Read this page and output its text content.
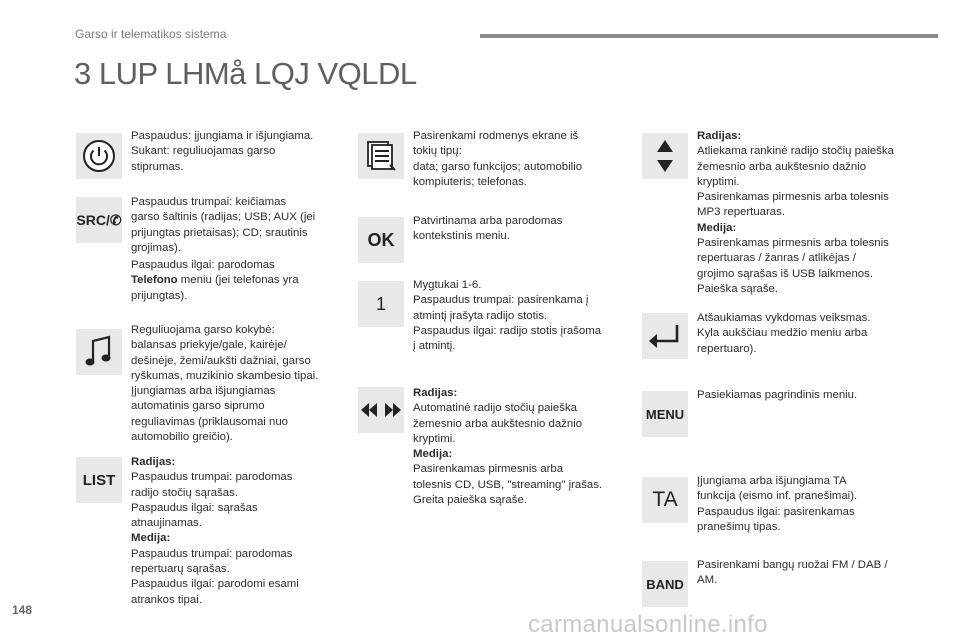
Garso ir telematikos sistema
3 LUP LHMå LQJ VQLDL
Paspaudus: įjungiama ir išjungiama.
Sukant: reguliuojamas garso
stiprumas.
SRC/✆
Paspaudus trumpai: keičiamas
garso šaltinis (radijas; USB; AUX (jei
prijungtas prietaisas); CD; srautinis
grojimas).
Paspaudus ilgai: parodomas
Telefono meniu (jei telefonas yra
prijungtas).
Reguliuojama garso kokybė:
balansas priekyje/gale, kairėje/
dešinėje, žemi/aukšti dažniai, garso
ryškumas, muzikinio skambesio tipai.
Įjungiamas arba išjungiamas
automatinis garso siprumo
reguliavimas (priklausomai nuo
automobilio greičio).
LIST
Radijas:
Paspaudus trumpai: parodomas
radijo stočių sąrašas.
Paspaudus ilgai: sąrašas
atnaujinamas.
Medija:
Paspaudus trumpai: parodomas
repertuarų sąrašas.
Paspaudus ilgai: parodomi esami
atrankos tipai.
Pasirenkami rodmenys ekrane iš
tokių tipų:
data; garso funkcijos; automobilio
kompiuteris; telefonas.
OK
Patvirtinama arba parodomas
kontekstinis meniu.
1
Mygtukai 1-6.
Paspaudus trumpai: pasirenkama į
atmintį įrašyta radijo stotis.
Paspaudus ilgai: radijo stotis įrašoma
į atmintį.
Radijas:
Automatinė radijo stočių paieška
žemesnio arba aukštesnio dažnio
kryptimi.
Medija:
Pasirenkamas pirmesnis arba
tolesnis CD, USB, "streaming" įrašas.
Greita paieška sąraše.
Radijas:
Atliekama rankinė radijo stočių paieška
žemesnio arba aukštesnio dažnio
kryptimi.
Pasirenkamas pirmesnis arba tolesnis
MP3 repertuaras.
Medija:
Pasirenkamas pirmesnis arba tolesnis
repertuaras / žanras / atlikėjas /
grojimo sąrašas iš USB laikmenos.
Paieška sąraše.
Atšaukiamas vykdomas veiksmas.
Kyla aukščiau medžio meniu arba
repertuaro).
MENU
Pasiekiamas pagrindinis meniu.
TA
Įjungiama arba išjungiama TA
funkcija (eismo inf. pranešimai).
Paspaudus ilgai: pasirenkamas
pranešimų tipas.
BAND
Pasirenkami bangų ruožai FM / DAB /
AM.
148
carmanualsonline.info
